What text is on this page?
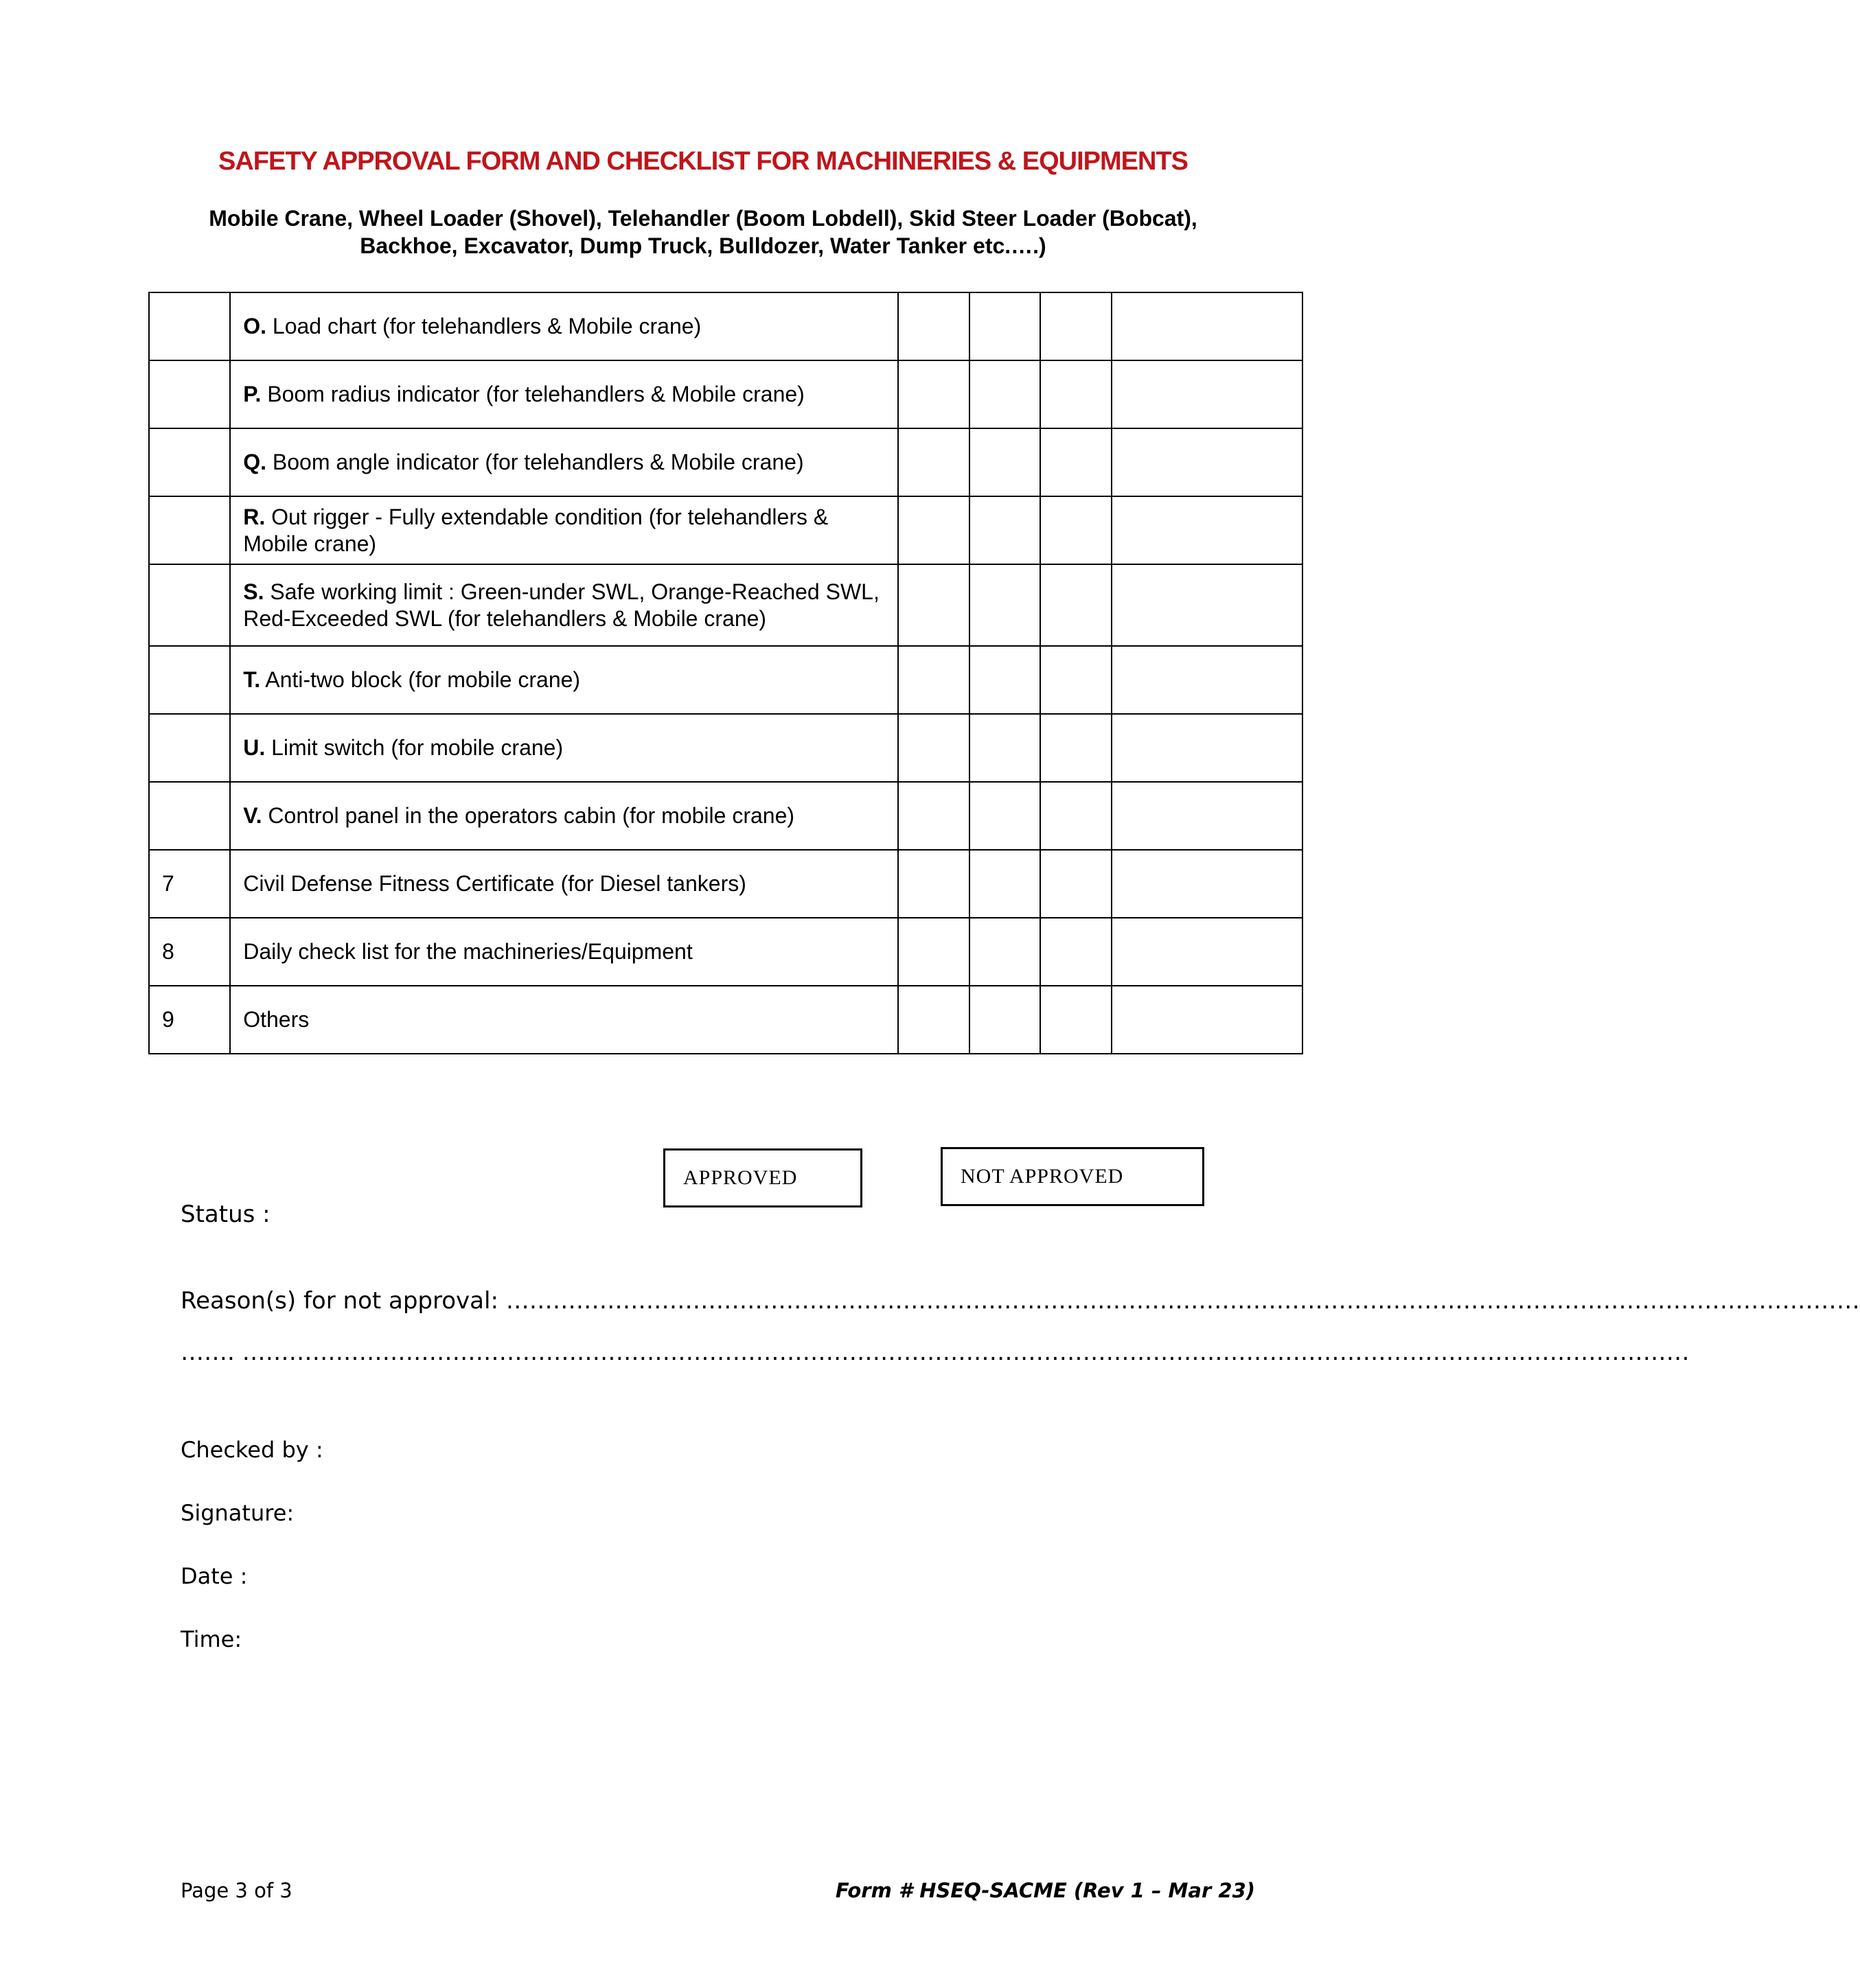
SAFETY APPROVAL FORM AND CHECKLIST FOR MACHINERIES & EQUIPMENTS
Mobile Crane, Wheel Loader (Shovel), Telehandler (Boom Lobdell), Skid Steer Loader (Bobcat),
Backhoe, Excavator, Dump Truck, Bulldozer, Water Tanker etc.….)
	O. Load chart (for telehandlers & Mobile crane)				
	P. Boom radius indicator (for telehandlers & Mobile crane)				
	Q. Boom angle indicator (for telehandlers & Mobile crane)				
	R. Out rigger - Fully extendable condition (for telehandlers & Mobile crane)				
	S. Safe working limit : Green-under SWL, Orange-Reached SWL, Red-Exceeded SWL (for telehandlers & Mobile crane)				
	T. Anti-two block (for mobile crane)				
	U. Limit switch (for mobile crane)				
	V. Control panel in the operators cabin (for mobile crane)				
7	Civil Defense Fitness Certificate (for Diesel tankers)				
8	Daily check list for the machineries/Equipment				
9	Others				
APPROVED	NOT APPROVED
Status :
Reason(s) for not approval: …………………………………………………………………………………………………………………………………………………………
……. ……………………………………………………………………………………………………………………………………………………………………
Checked by :
Signature:
Date :
Time:
Page 3 of 3	Form # HSEQ-SACME (Rev 1 – Mar 23)
